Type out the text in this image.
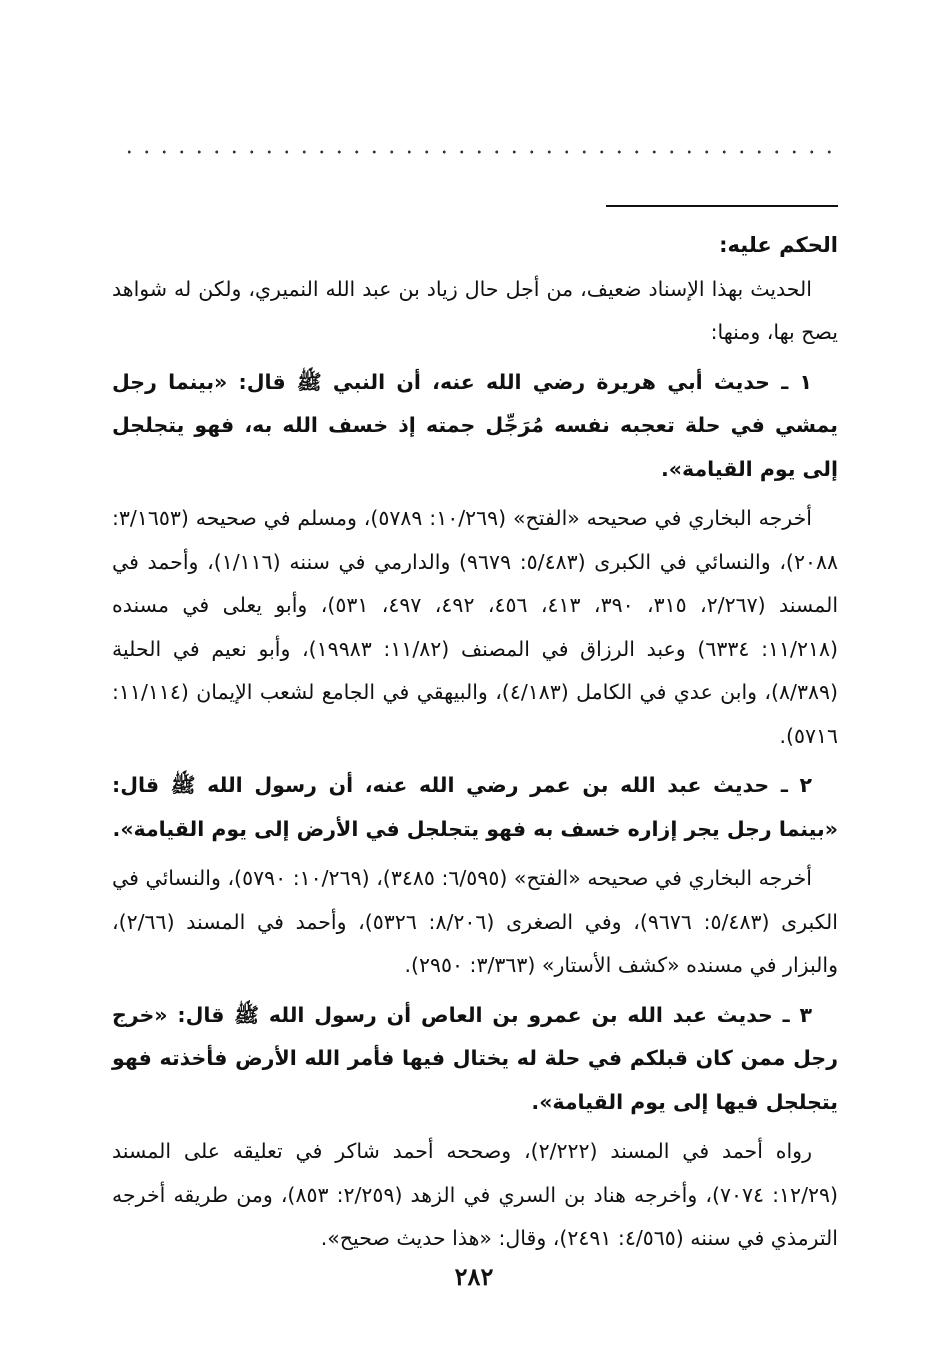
الحكم عليه:

الحديث بهذا الإسناد ضعيف، من أجل حال زياد بن عبد الله النميري، ولكن له شواهد يصح بها، ومنها:

١ ـ حديث أبي هريرة رضي الله عنه، أن النبي ﷺ قال: «بينما رجل يمشي في حلة تعجبه نفسه مُرَجِّل جمته إذ خسف الله به، فهو يتجلجل إلى يوم القيامة».

أخرجه البخاري في صحيحه «الفتح» (١٠/٢٦٩: ٥٧٨٩)، ومسلم في صحيحه (٣/١٦٥٣: ٢٠٨٨)، والنسائي في الكبرى (٥/٤٨٣: ٩٦٧٩) والدارمي في سننه (١/١١٦)، وأحمد في المسند (٢/٢٦٧، ٣١٥، ٣٩٠، ٤١٣، ٤٥٦، ٤٩٢، ٤٩٧، ٥٣١)، وأبو يعلى في مسنده (١١/٢١٨: ٦٣٣٤) وعبد الرزاق في المصنف (١١/٨٢: ١٩٩٨٣)، وأبو نعيم في الحلية (٨/٣٨٩)، وابن عدي في الكامل (٤/١٨٣)، والبيهقي في الجامع لشعب الإيمان (١١/١١٤: ٥٧١٦).

٢ ـ حديث عبد الله بن عمر رضي الله عنه، أن رسول الله ﷺ قال: «بينما رجل يجر إزاره خسف به فهو يتجلجل في الأرض إلى يوم القيامة».

أخرجه البخاري في صحيحه «الفتح» (٦/٥٩٥: ٣٤٨٥)، (١٠/٢٦٩: ٥٧٩٠)، والنسائي في الكبرى (٥/٤٨٣: ٩٦٧٦)، وفي الصغرى (٨/٢٠٦: ٥٣٢٦)، وأحمد في المسند (٢/٦٦)، والبزار في مسنده «كشف الأستار» (٣/٣٦٣: ٢٩٥٠).

٣ ـ حديث عبد الله بن عمرو بن العاص أن رسول الله ﷺ قال: «خرج رجل ممن كان قبلكم في حلة له يختال فيها فأمر الله الأرض فأخذته فهو يتجلجل فيها إلى يوم القيامة».

رواه أحمد في المسند (٢/٢٢٢)، وصححه أحمد شاكر في تعليقه على المسند (١٢/٢٩: ٧٠٧٤)، وأخرجه هناد بن السري في الزهد (٢/٢٥٩: ٨٥٣)، ومن طريقه أخرجه الترمذي في سننه (٤/٥٦٥: ٢٤٩١)، وقال: «هذا حديث صحيح».

٢٨٢
